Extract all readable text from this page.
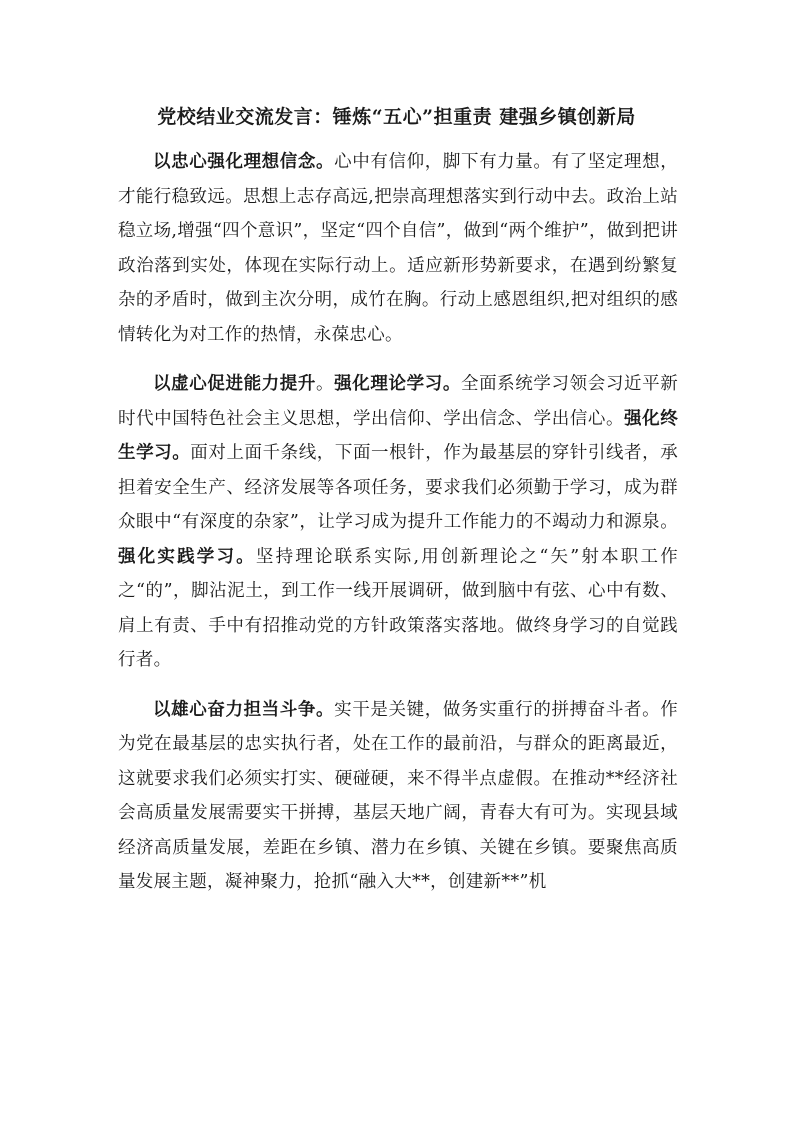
党校结业交流发言：锤炼“五心”担重责 建强乡镇创新局

以忠心强化理想信念。心中有信仰，脚下有力量。有了坚定理想，才能行稳致远。思想上志存高远,把崇高理想落实到行动中去。政治上站稳立场,增强“四个意识”，坚定“四个自信”，做到“两个维护”，做到把讲政治落到实处，体现在实际行动上。适应新形势新要求，在遇到纷繁复杂的矛盾时，做到主次分明，成竹在胸。行动上感恩组织,把对组织的感情转化为对工作的热情，永葆忠心。

以虚心促进能力提升。强化理论学习。全面系统学习领会习近平新时代中国特色社会主义思想，学出信仰、学出信念、学出信心。强化终生学习。面对上面千条线，下面一根针，作为最基层的穿针引线者，承担着安全生产、经济发展等各项任务，要求我们必须勤于学习，成为群众眼中“有深度的杂家”，让学习成为提升工作能力的不竭动力和源泉。强化实践学习。坚持理论联系实际,用创新理论之“矢”射本职工作之“的”，脚沾泥土，到工作一线开展调研，做到脑中有弦、心中有数、肩上有责、手中有招推动党的方针政策落实落地。做终身学习的自觉践行者。

以雄心奋力担当斗争。实干是关键，做务实重行的拼搏奋斗者。作为党在最基层的忠实执行者，处在工作的最前沿，与群众的距离最近，这就要求我们必须实打实、硬碰硬，来不得半点虚假。在推动**经济社会高质量发展需要实干拼搏，基层天地广阔，青春大有可为。实现县域经济高质量发展，差距在乡镇、潜力在乡镇、关键在乡镇。要聚焦高质量发展主题，凝神聚力，抢抓“融入大**，创建新**”机
